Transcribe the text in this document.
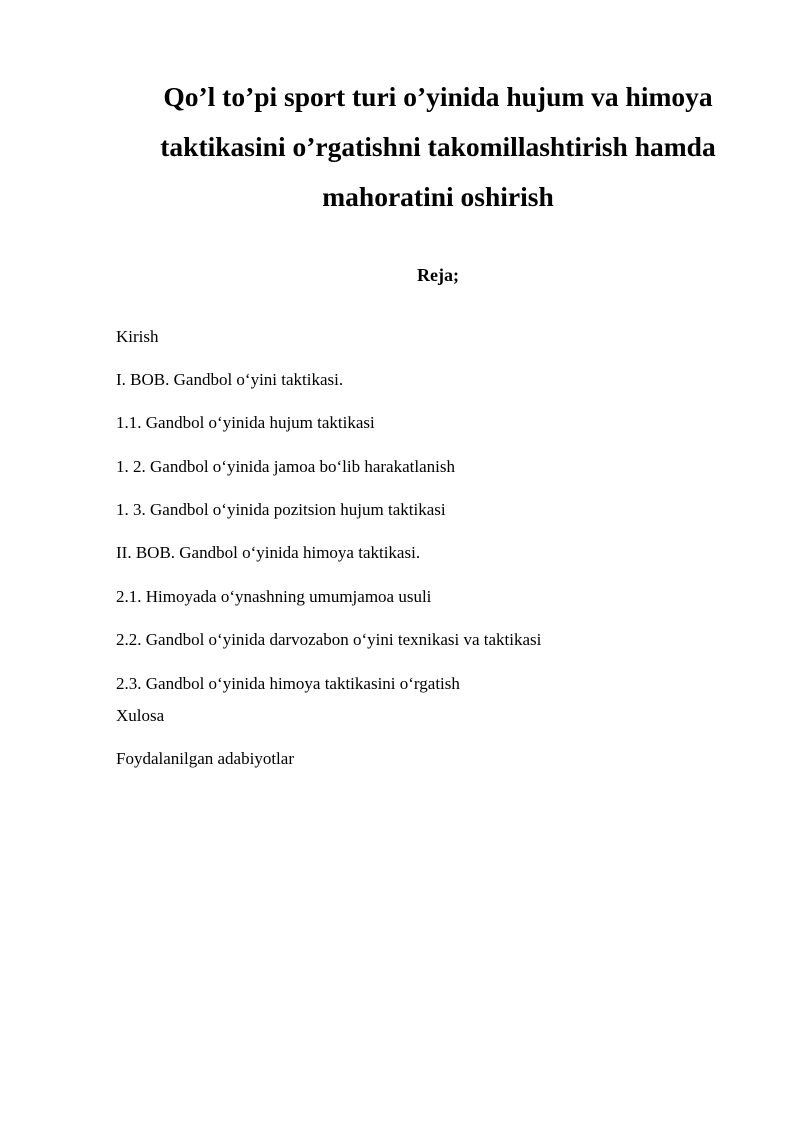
Qo’l to’pi sport turi o’yinida hujum va himoya
taktikasini o’rgatishni takomillashtirish hamda
mahoratini oshirish
Reja;
Kirish
I. BOB. Gandbol o‘yini taktikasi.
1.1. Gandbol o‘yinida hujum taktikasi
1. 2. Gandbol o‘yinida jamoa bo‘lib harakatlanish
1. 3. Gandbol o‘yinida pozitsion hujum taktikasi
II. BOB. Gandbol o‘yinida himoya taktikasi.
2.1. Himoyada o‘ynashning umumjamoa usuli
2.2. Gandbol o‘yinida darvozabon o‘yini texnikasi va taktikasi
2.3. Gandbol o‘yinida himoya taktikasini o‘rgatish
Xulosa
Foydalanilgan adabiyotlar
